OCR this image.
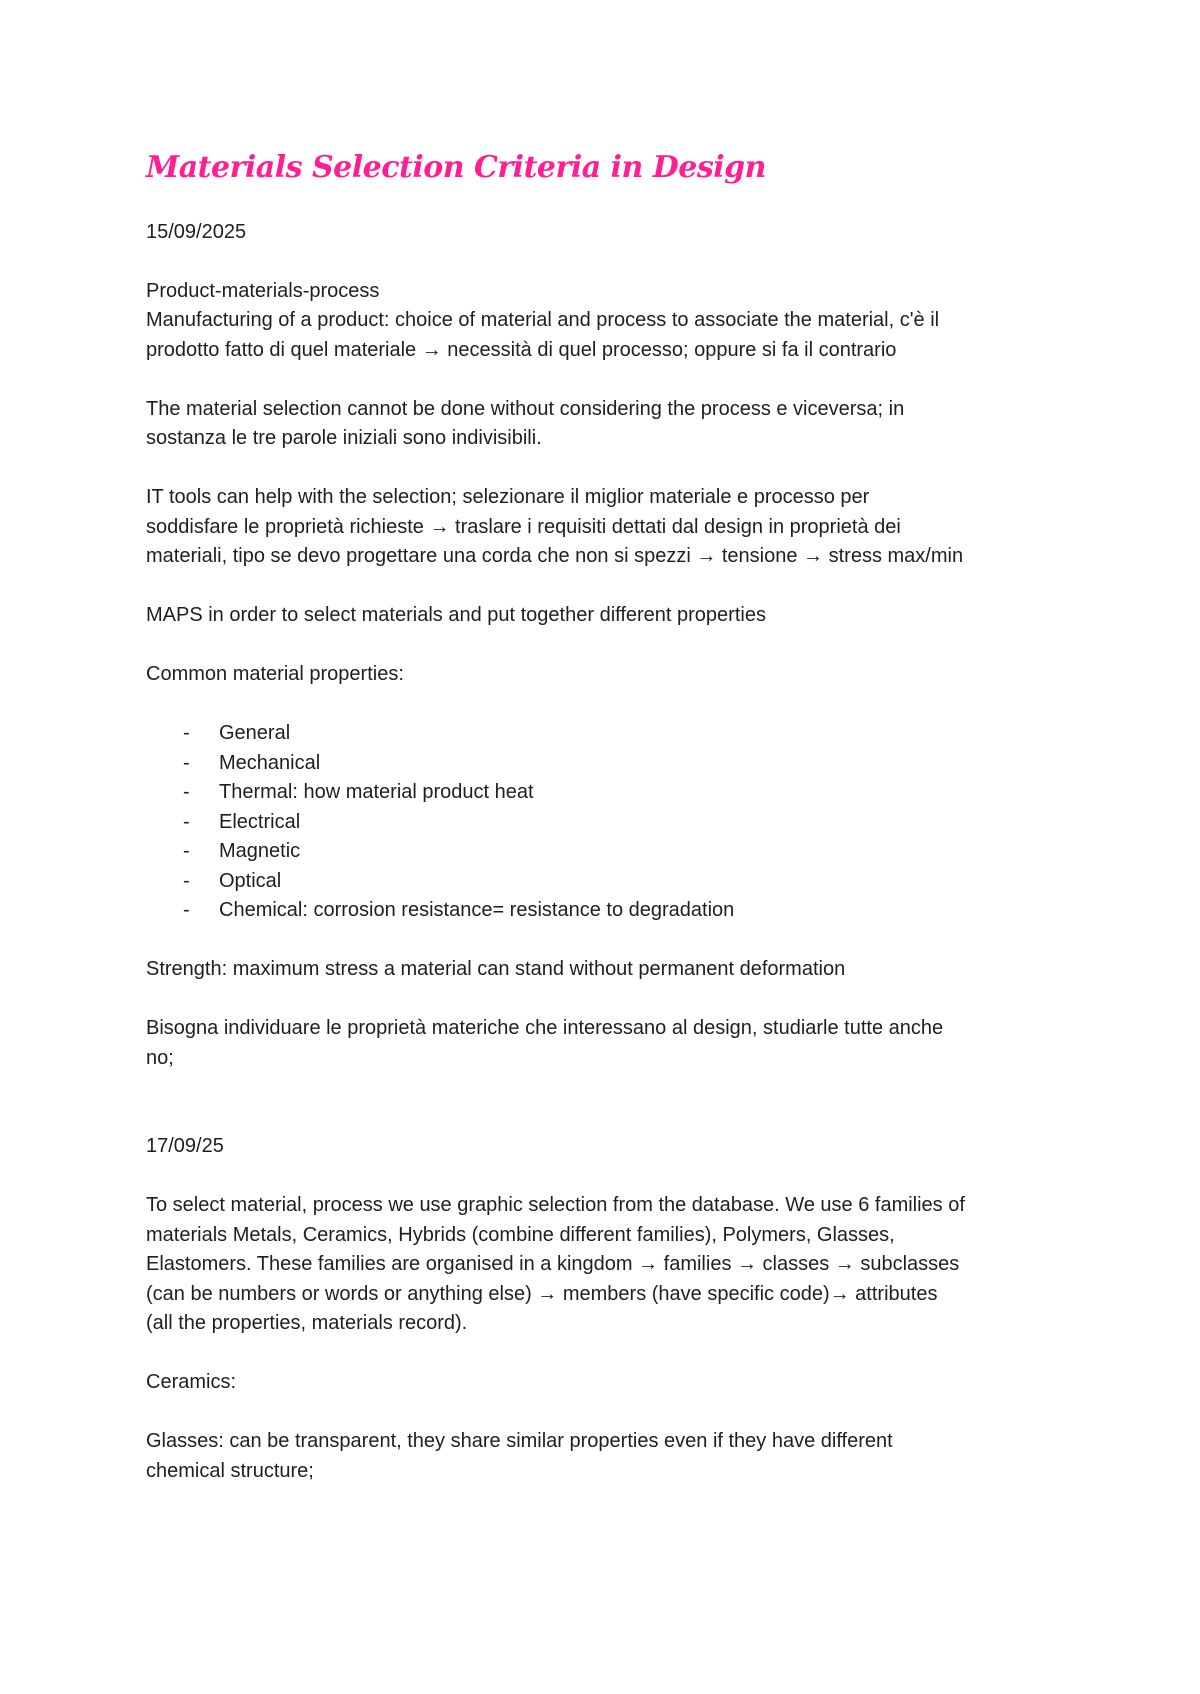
Materials Selection Criteria in Design

15/09/2025

Product-materials-process

Manufacturing of a product: choice of material and process to associate the material, c'è il

prodotto fatto di quel materiale → necessità di quel processo; oppure si fa il contrario

The material selection cannot be done without considering the process e viceversa; in

sostanza le tre parole iniziali sono indivisibili.

IT tools can help with the selection; selezionare il miglior materiale e processo per

soddisfare le proprietà richieste → traslare i requisiti dettati dal design in proprietà dei

materiali, tipo se devo progettare una corda che non si spezzi → tensione → stress max/min

MAPS in order to select materials and put together different properties

Common material properties:

- General
- Mechanical
- Thermal: how material product heat
- Electrical
- Magnetic
- Optical
- Chemical: corrosion resistance= resistance to degradation

Strength: maximum stress a material can stand without permanent deformation

Bisogna individuare le proprietà materiche che interessano al design, studiarle tutte anche

no;

17/09/25

To select material, process we use graphic selection from the database. We use 6 families of

materials Metals, Ceramics, Hybrids (combine different families), Polymers, Glasses,

Elastomers. These families are organised in a kingdom → families → classes → subclasses

(can be numbers or words or anything else) → members (have specific code)→ attributes

(all the properties, materials record).

Ceramics:

Glasses: can be transparent, they share similar properties even if they have different

chemical structure;
